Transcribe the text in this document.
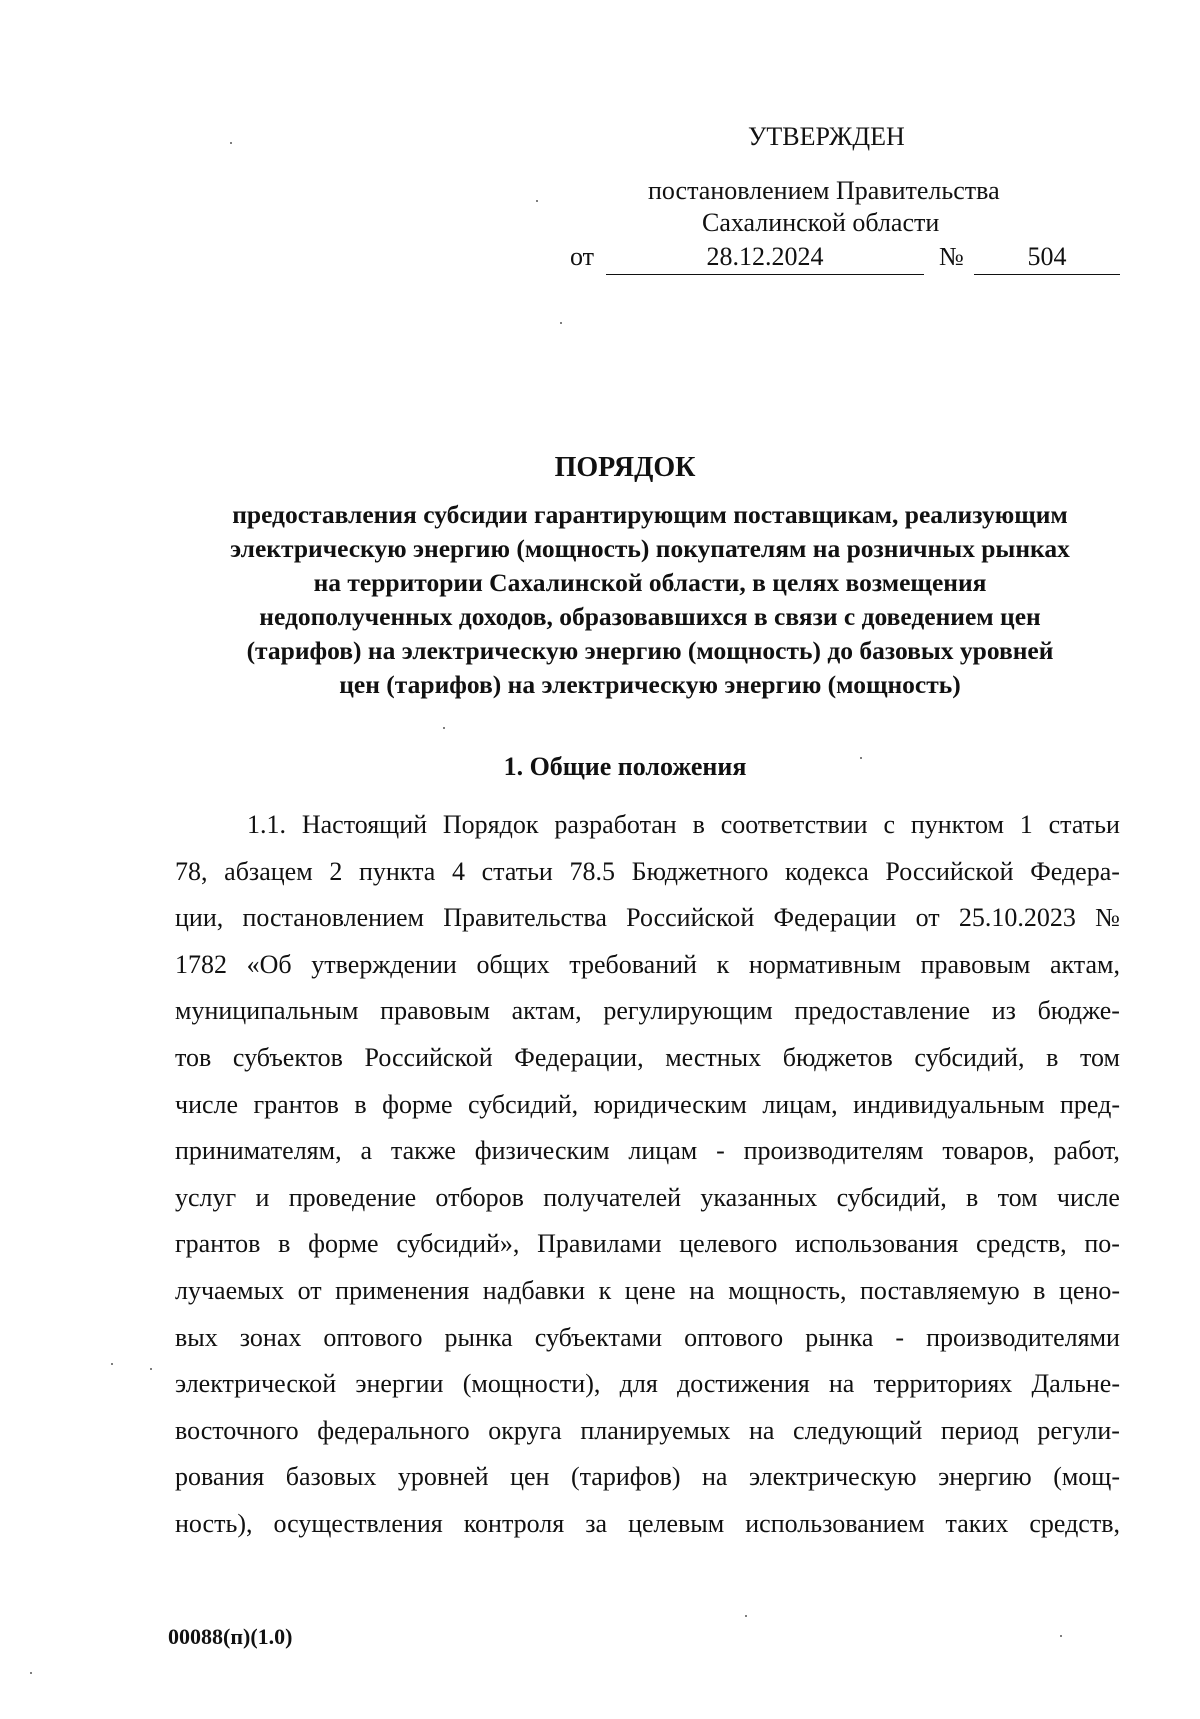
УТВЕРЖДЕН
постановлением Правительства
Сахалинской области
от	28.12.2024	№	504
ПОРЯДОК
предоставления субсидии гарантирующим поставщикам, реализующим
электрическую энергию (мощность) покупателям на розничных рынках
на территории Сахалинской области, в целях возмещения
недополученных доходов, образовавшихся в связи с доведением цен
(тарифов) на электрическую энергию (мощность) до базовых уровней
цен (тарифов) на электрическую энергию (мощность)
1. Общие положения
1.1. Настоящий Порядок разработан в соответствии с пунктом 1 статьи
78, абзацем 2 пункта 4 статьи 78.5 Бюджетного кодекса Российской Федера-
ции, постановлением Правительства Российской Федерации от 25.10.2023 №
1782 «Об утверждении общих требований к нормативным правовым актам,
муниципальным правовым актам, регулирующим предоставление из бюдже-
тов субъектов Российской Федерации, местных бюджетов субсидий, в том
числе грантов в форме субсидий, юридическим лицам, индивидуальным пред-
принимателям, а также физическим лицам - производителям товаров, работ,
услуг и проведение отборов получателей указанных субсидий, в том числе
грантов в форме субсидий», Правилами целевого использования средств, по-
лучаемых от применения надбавки к цене на мощность, поставляемую в цено-
вых зонах оптового рынка субъектами оптового рынка - производителями
электрической энергии (мощности), для достижения на территориях Дальне-
восточного федерального округа планируемых на следующий период регули-
рования базовых уровней цен (тарифов) на электрическую энергию (мощ-
ность), осуществления контроля за целевым использованием таких средств,
00088(п)(1.0)
